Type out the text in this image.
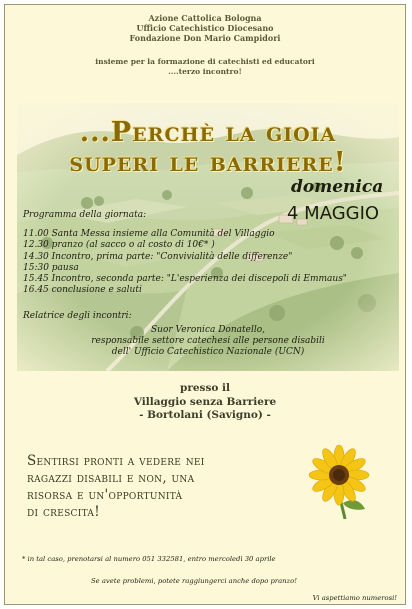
Azione Cattolica Bologna
Ufficio Catechistico Diocesano
Fondazione Don Mario Campidori
insieme per la formazione di catechisti ed educatori
....terzo incontro!
...Perchè la gioia
superi le barriere!
domenica
4 MAGGIO
Programma della giornata:
11.00 Santa Messa insieme alla Comunità del Villaggio
12.30 pranzo (al sacco o al costo di 10€* )
14.30 Incontro, prima parte: "Convivialità delle differenze"
15:30 pausa
15.45 Incontro, seconda parte: "L'esperienza dei discepoli di Emmaus"
16.45 conclusione e saluti
Relatrice degli incontri:
Suor Veronica Donatello,
responsabile settore catechesi alle persone disabili
dell' Ufficio Catechistico Nazionale (UCN)
presso il
Villaggio senza Barriere
- Bortolani (Savigno) -
Sentirsi pronti a vedere nei
ragazzi disabili e non, una
risorsa e un'opportunità
di crescita!
* in tal caso, prenotarsi al numero 051 332581, entro mercoledì 30 aprile
Se avete problemi, potete raggiungerci anche dopo pranzo!
Vi aspettiamo numerosi!
